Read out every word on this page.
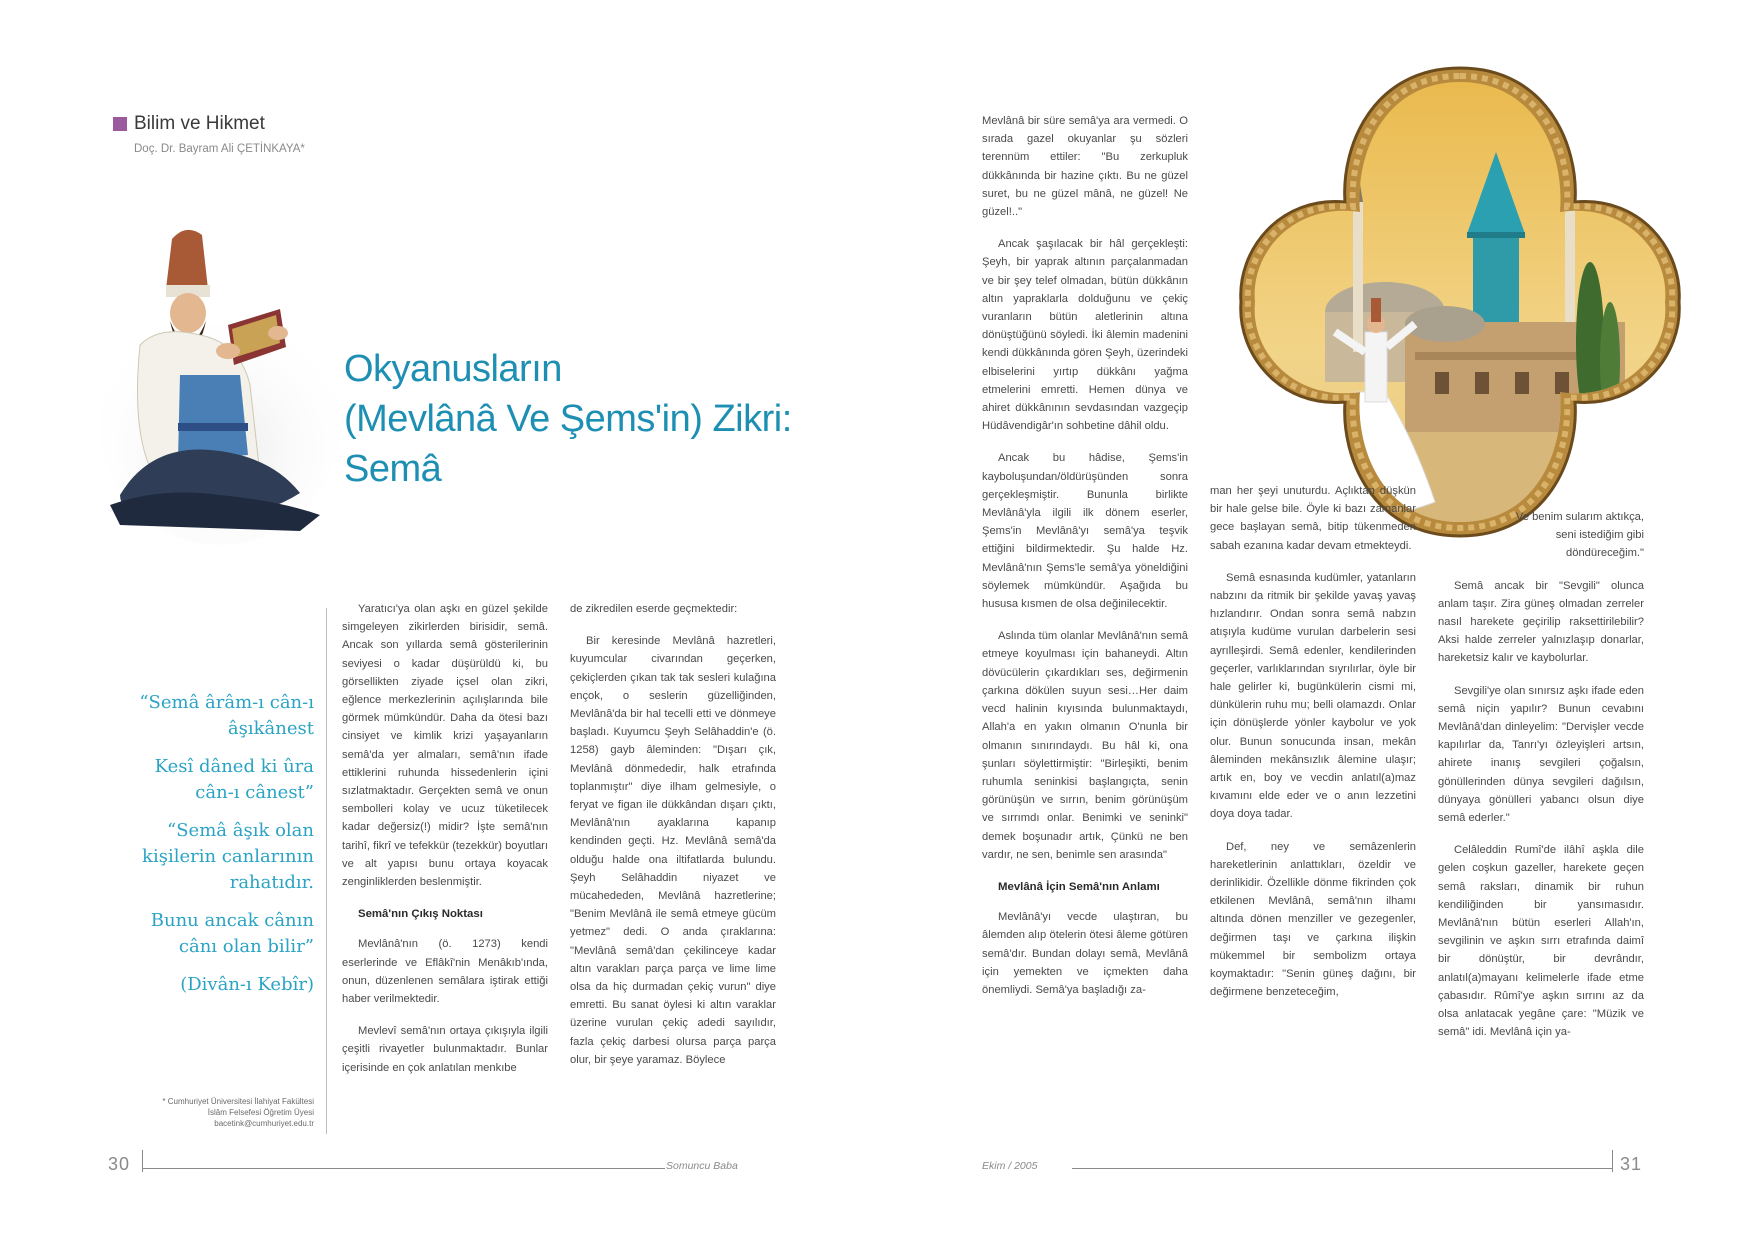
Bilim ve Hikmet
Doç. Dr. Bayram Ali ÇETİNKAYA*
Okyanusların
(Mevlânâ Ve Şems'in) Zikri:
Semâ

“Semâ ârâm-ı cân-ı âşıkânest

Kesî dâned ki ûra cân-ı cânest”

“Semâ âşık olan kişilerin canlarının rahatıdır.

Bunu ancak cânın cânı olan bilir”

(Divân-ı Kebîr)

* Cumhuriyet Üniversitesi İlahiyat Fakültesi
İslâm Felsefesi Öğretim Üyesi
bacetink@cumhuriyet.edu.tr

Yaratıcı'ya olan aşkı en güzel şekilde simgeleyen zikirlerden birisidir, semâ. Ancak son yıllarda semâ gösterilerinin seviyesi o kadar düşürüldü ki, bu görsellikten ziyade içsel olan zikri, eğlence merkezlerinin açılışlarında bile görmek mümkündür. Daha da ötesi bazı cinsiyet ve kimlik krizi yaşayanların semâ'da yer almaları, semâ'nın ifade ettiklerini ruhunda hissedenlerin içini sızlatmaktadır. Gerçekten semâ ve onun sembolleri kolay ve ucuz tüketilecek kadar değersiz(!) midir? İşte semâ'nın tarihî, fikrî ve tefekkür (tezekkür) boyutları ve alt yapısı bunu ortaya koyacak zenginliklerden beslenmiştir.

Semâ'nın Çıkış Noktası

Mevlânâ'nın (ö. 1273) kendi eserlerinde ve Eflâkî'nin Menâkıb'ında, onun, düzenlenen semâlara iştirak ettiği haber verilmektedir.

Mevlevî semâ'nın ortaya çıkışıyla ilgili çeşitli rivayetler bulunmaktadır. Bunlar içerisinde en çok anlatılan menkıbe

de zikredilen eserde geçmektedir:

Bir keresinde Mevlânâ hazretleri, kuyumcular civarından geçerken, çekiçlerden çıkan tak tak sesleri kulağına ençok, o seslerin güzelliğinden, Mevlânâ'da bir hal tecelli etti ve dönmeye başladı. Kuyumcu Şeyh Selâhaddin'e (ö. 1258) gayb âleminden: "Dışarı çık, Mevlânâ dönmededir, halk etrafında toplanmıştır" diye ilham gelmesiyle, o feryat ve figan ile dükkândan dışarı çıktı, Mevlânâ'nın ayaklarına kapanıp kendinden geçti. Hz. Mevlânâ semâ'da olduğu halde ona iltifatlarda bulundu. Şeyh Selâhaddin niyazet ve mücahededen, Mevlânâ hazretlerine; "Benim Mevlânâ ile semâ etmeye gücüm yetmez" dedi. O anda çıraklarına: "Mevlânâ semâ'dan çekilinceye kadar altın varakları parça parça ve lime lime olsa da hiç durmadan çekiç vurun" diye emretti. Bu sanat öylesi ki altın varaklar üzerine vurulan çekiç adedi sayılıdır, fazla çekiç darbesi olursa parça parça olur, bir şeye yaramaz. Böylece

30	Somuncu Baba

Mevlânâ bir süre semâ'ya ara vermedi. O sırada gazel okuyanlar şu sözleri terennüm ettiler: "Bu zerkupluk dükkânında bir hazine çıktı. Bu ne güzel suret, bu ne güzel mânâ, ne güzel! Ne güzel!.."

Ancak şaşılacak bir hâl gerçekleşti: Şeyh, bir yaprak altının parçalanmadan ve bir şey telef olmadan, bütün dükkânın altın yapraklarla dolduğunu ve çekiç vuranların bütün aletlerinin altına dönüştüğünü söyledi. İki âlemin madenini kendi dükkânında gören Şeyh, üzerindeki elbiselerini yırtıp dükkânı yağma etmelerini emretti. Hemen dünya ve ahiret dükkânının sevdasından vazgeçip Hüdâvendigâr'ın sohbetine dâhil oldu.

Ancak bu hâdise, Şems'in kayboluşundan/öldürüşünden sonra gerçekleşmiştir. Bununla birlikte Mevlânâ'yla ilgili ilk dönem eserler, Şems'in Mevlânâ'yı semâ'ya teşvik ettiğini bildirmektedir. Şu halde Hz. Mevlânâ'nın Şems'le semâ'ya yöneldiğini söylemek mümkündür. Aşağıda bu hususa kısmen de olsa değinilecektir.

Aslında tüm olanlar Mevlânâ'nın semâ etmeye koyulması için bahaneydi. Altın dövücülerin çıkardıkları ses, değirmenin çarkına dökülen suyun sesi…Her daim vecd halinin kıyısında bulunmaktaydı, Allah'a en yakın olmanın O'nunla bir olmanın sınırındaydı. Bu hâl ki, ona şunları söylettirmiştir: "Birleşikti, benim ruhumla seninkisi başlangıçta, senin görünüşün ve sırrın, benim görünüşüm ve sırrımdı onlar. Benimki ve seninki" demek boşunadır artık, Çünkü ne ben vardır, ne sen, benimle sen arasında"

Mevlânâ İçin Semâ'nın Anlamı

Mevlânâ'yı vecde ulaştıran, bu âlemden alıp ötelerin ötesi âleme götüren semâ'dır. Bundan dolayı semâ, Mevlânâ için yemekten ve içmekten daha önemliydi. Semâ'ya başladığı za-

man her şeyi unuturdu. Açlıktan düşkün bir hale gelse bile. Öyle ki bazı zamanlar gece başlayan semâ, bitip tükenmeden sabah ezanına kadar devam etmekteydi.

Semâ esnasında kudümler, yatanların nabzını da ritmik bir şekilde yavaş yavaş hızlandırır. Ondan sonra semâ nabzın atışıyla kudüme vurulan darbelerin sesi ayrılleşirdi. Semâ edenler, kendilerinden geçerler, varlıklarından sıyrılırlar, öyle bir hale gelirler ki, bugünkülerin cismi mi, dünkülerin ruhu mu; belli olamazdı. Onlar için dönüşlerde yönler kaybolur ve yok olur. Bunun sonucunda insan, mekân âleminden mekânsızlık âlemine ulaşır; artık en, boy ve vecdin anlatıl(a)maz kıvamını elde eder ve o anın lezzetini doya doya tadar.

Def, ney ve semâzenlerin hareketlerinin anlattıkları, özeldir ve derinlikidir. Özellikle dönme fikrinden çok etkilenen Mevlânâ, semâ'nın ilhamı altında dönen menziller ve gezegenler, değirmen taşı ve çarkına ilişkin mükemmel bir sembolizm ortaya koymaktadır: "Senin güneş dağını, bir değirmene benzeteceğim,

Ve benim sularım aktıkça, seni istediğim gibi döndüreceğim."

Semâ ancak bir "Sevgili" olunca anlam taşır. Zira güneş olmadan zerreler nasıl harekete geçirilip raksettirilebilir? Aksi halde zerreler yalnızlaşıp donarlar, hareketsiz kalır ve kaybolurlar.

Sevgili'ye olan sınırsız aşkı ifade eden semâ niçin yapılır? Bunun cevabını Mevlânâ'dan dinleyelim: "Dervişler vecde kapılırlar da, Tanrı'yı özleyişleri artsın, ahirete inanış sevgileri çoğalsın, gönüllerinden dünya sevgileri dağılsın, dünyaya gönülleri yabancı olsun diye semâ ederler."

Celâleddin Rumî'de ilâhî aşkla dile gelen coşkun gazeller, harekete geçen semâ raksları, dinamik bir ruhun kendiliğinden bir yansımasıdır. Mevlânâ'nın bütün eserleri Allah'ın, sevgilinin ve aşkın sırrı etrafında daimî bir dönüştür, bir devrândır, anlatıl(a)mayanı kelimelerle ifade etme çabasıdır. Rûmî'ye aşkın sırrını az da olsa anlatacak yegâne çare: "Müzik ve semâ" idi. Mevlânâ için ya-

Ekim / 2005	31
